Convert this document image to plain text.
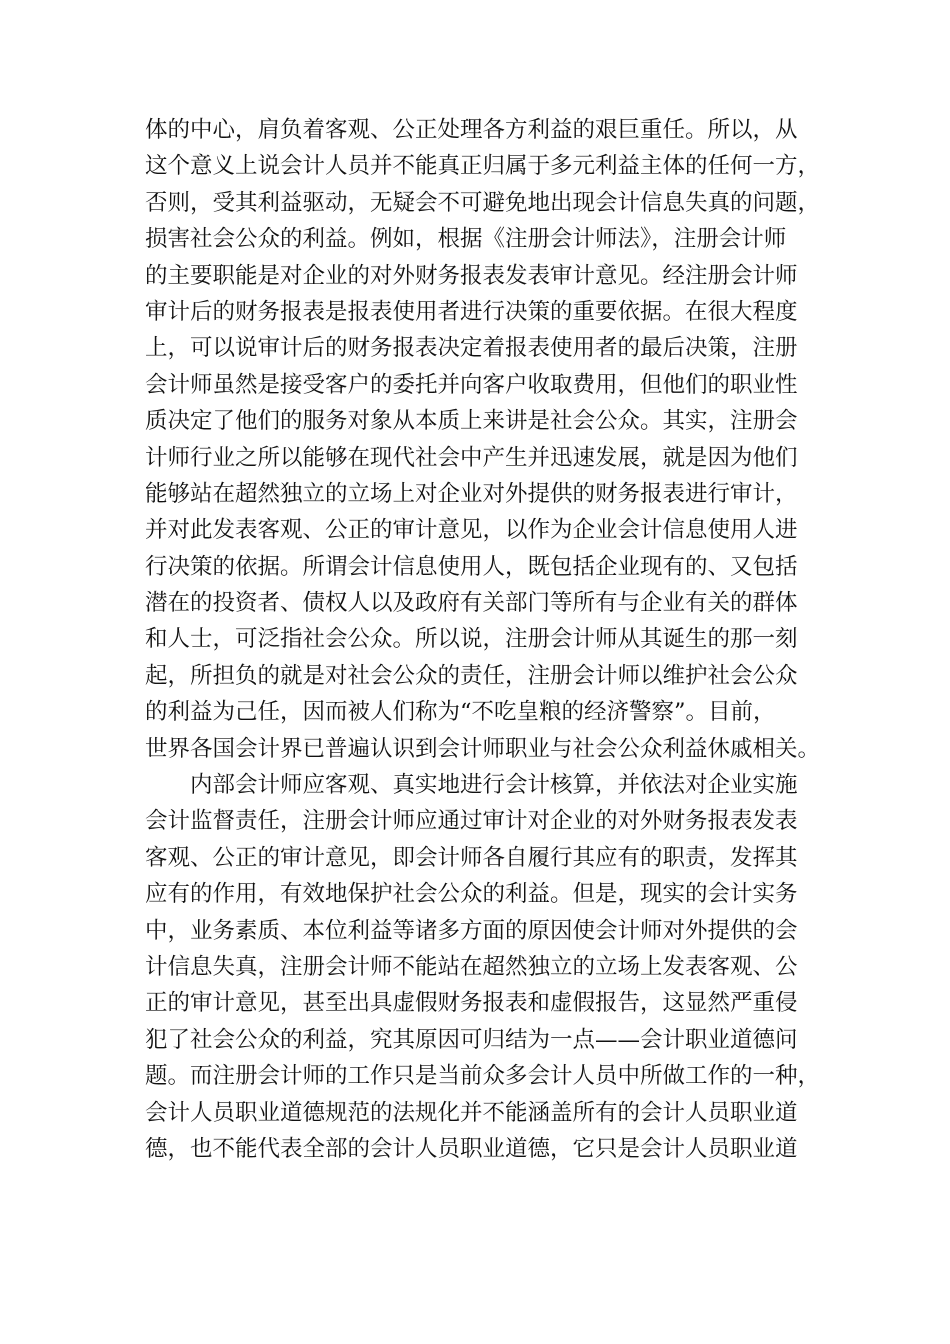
体的中心，肩负着客观、公正处理各方利益的艰巨重任。所以，从
这个意义上说会计人员并不能真正归属于多元利益主体的任何一方，
否则，受其利益驱动，无疑会不可避免地出现会计信息失真的问题，
损害社会公众的利益。例如，根据《注册会计师法》，注册会计师
的主要职能是对企业的对外财务报表发表审计意见。经注册会计师
审计后的财务报表是报表使用者进行决策的重要依据。在很大程度
上，可以说审计后的财务报表决定着报表使用者的最后决策，注册
会计师虽然是接受客户的委托并向客户收取费用，但他们的职业性
质决定了他们的服务对象从本质上来讲是社会公众。其实，注册会
计师行业之所以能够在现代社会中产生并迅速发展，就是因为他们
能够站在超然独立的立场上对企业对外提供的财务报表进行审计，
并对此发表客观、公正的审计意见，以作为企业会计信息使用人进
行决策的依据。所谓会计信息使用人，既包括企业现有的、又包括
潜在的投资者、债权人以及政府有关部门等所有与企业有关的群体
和人士，可泛指社会公众。所以说，注册会计师从其诞生的那一刻
起，所担负的就是对社会公众的责任，注册会计师以维护社会公众
的利益为己任，因而被人们称为“不吃皇粮的经济警察”。目前，
世界各国会计界已普遍认识到会计师职业与社会公众利益休戚相关。
内部会计师应客观、真实地进行会计核算，并依法对企业实施
会计监督责任，注册会计师应通过审计对企业的对外财务报表发表
客观、公正的审计意见，即会计师各自履行其应有的职责，发挥其
应有的作用，有效地保护社会公众的利益。但是，现实的会计实务
中，业务素质、本位利益等诸多方面的原因使会计师对外提供的会
计信息失真，注册会计师不能站在超然独立的立场上发表客观、公
正的审计意见，甚至出具虚假财务报表和虚假报告，这显然严重侵
犯了社会公众的利益，究其原因可归结为一点——会计职业道德问
题。而注册会计师的工作只是当前众多会计人员中所做工作的一种，
会计人员职业道德规范的法规化并不能涵盖所有的会计人员职业道
德，也不能代表全部的会计人员职业道德，它只是会计人员职业道
